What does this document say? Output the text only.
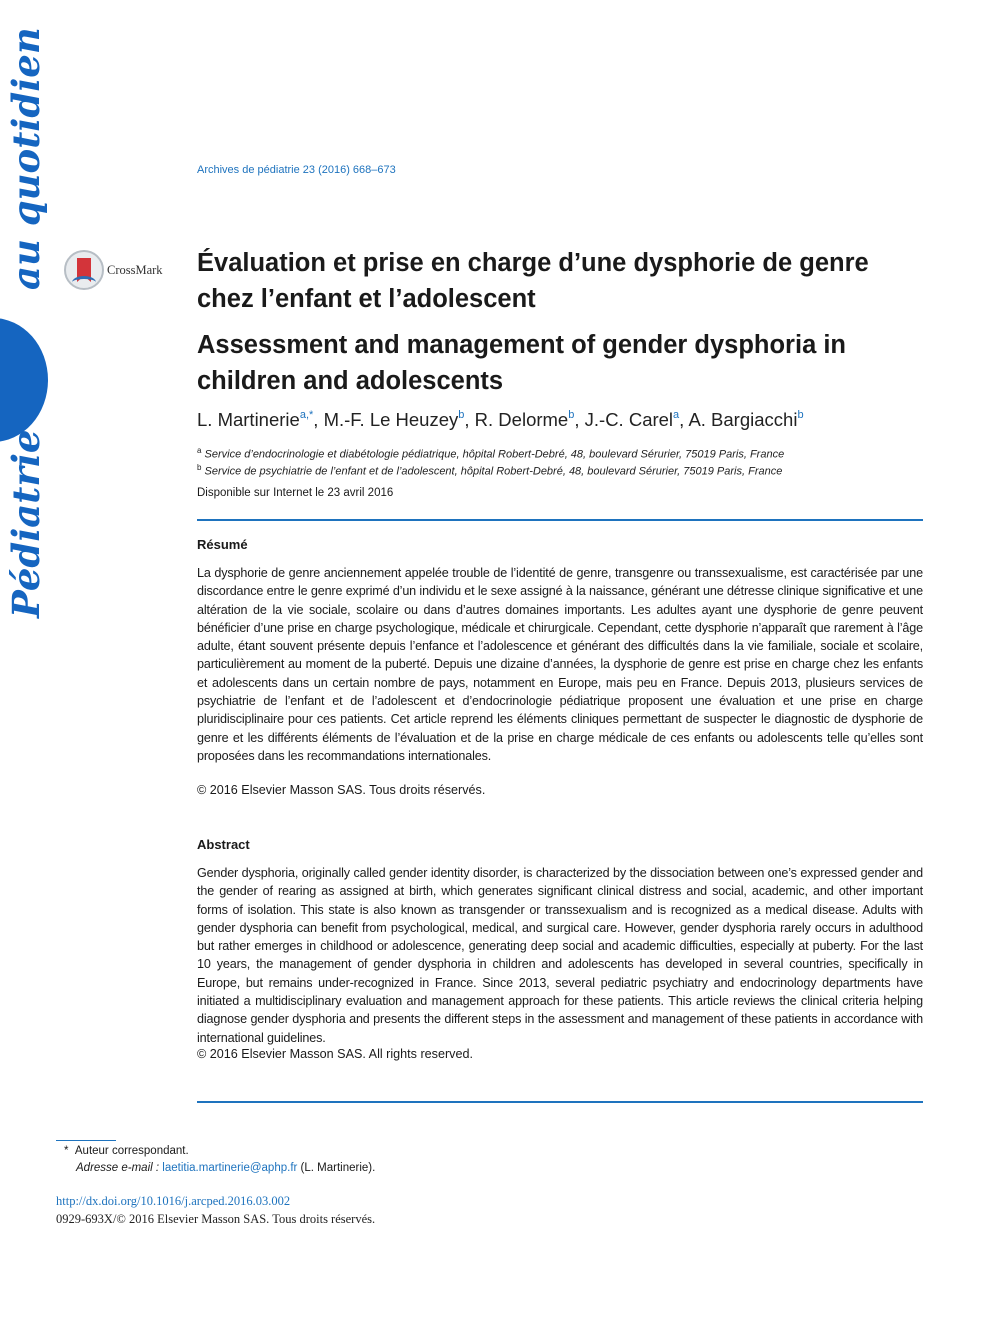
au quotidien
Pédiatrie
Archives de pédiatrie 23 (2016) 668–673
CrossMark Évaluation et prise en charge d’une dysphorie de genre chez l’enfant et l’adolescent
Assessment and management of gender dysphoria in children and adolescents
L. Martinerie$^{a,*}$, M.-F. Le Heuzey$^b$, R. Delorme$^b$, J.-C. Carel$^a$, A. Bargiacchi$^b$
$^a$ Service d’endocrinologie et diabétologie pédiatrique, hôpital Robert-Debré, 48, boulevard Sérurier, 75019 Paris, France
$^b$ Service de psychiatrie de l’enfant et de l’adolescent, hôpital Robert-Debré, 48, boulevard Sérurier, 75019 Paris, France
Disponible sur Internet le 23 avril 2016
Résumé
La dysphorie de genre anciennement appelée trouble de l’identité de genre, transgenre ou transsexualisme, est caractérisée par une discordance entre le genre exprimé d’un individu et le sexe assigné à la naissance, générant une détresse clinique significative et une altération de la vie sociale, scolaire ou dans d’autres domaines importants. Les adultes ayant une dysphorie de genre peuvent bénéficier d’une prise en charge psychologique, médicale et chirurgicale. Cependant, cette dysphorie n’apparaît que rarement à l’âge adulte, étant souvent présente depuis l’enfance et l’adolescence et générant des difficultés dans la vie familiale, sociale et scolaire, particulièrement au moment de la puberté. Depuis une dizaine d’années, la dysphorie de genre est prise en charge chez les enfants et adolescents dans un certain nombre de pays, notamment en Europe, mais peu en France. Depuis 2013, plusieurs services de psychiatrie de l’enfant et de l’adolescent et d’endocrinologie pédiatrique proposent une évaluation et une prise en charge pluridisciplinaire pour ces patients. Cet article reprend les éléments cliniques permettant de suspecter le diagnostic de dysphorie de genre et les différents éléments de l’évaluation et de la prise en charge médicale de ces enfants ou adolescents telle qu’elles sont proposées dans les recommandations internationales.
© 2016 Elsevier Masson SAS. Tous droits réservés.
Abstract
Gender dysphoria, originally called gender identity disorder, is characterized by the dissociation between one’s expressed gender and the gender of rearing as assigned at birth, which generates significant clinical distress and social, academic, and other important forms of isolation. This state is also known as transgender or transsexualism and is recognized as a medical disease. Adults with gender dysphoria can benefit from psychological, medical, and surgical care. However, gender dysphoria rarely occurs in adulthood but rather emerges in childhood or adolescence, generating deep social and academic difficulties, especially at puberty. For the last 10 years, the management of gender dysphoria in children and adolescents has developed in several countries, specifically in Europe, but remains under-recognized in France. Since 2013, several pediatric psychiatry and endocrinology departments have initiated a multidisciplinary evaluation and management approach for these patients. This article reviews the clinical criteria helping diagnose gender dysphoria and presents the different steps in the assessment and management of these patients in accordance with international guidelines.
© 2016 Elsevier Masson SAS. All rights reserved.
* Auteur correspondant.
Adresse e-mail : laetitia.martinerie@aphp.fr (L. Martinerie).
http://dx.doi.org/10.1016/j.arcped.2016.03.002
0929-693X/© 2016 Elsevier Masson SAS. Tous droits réservés.
